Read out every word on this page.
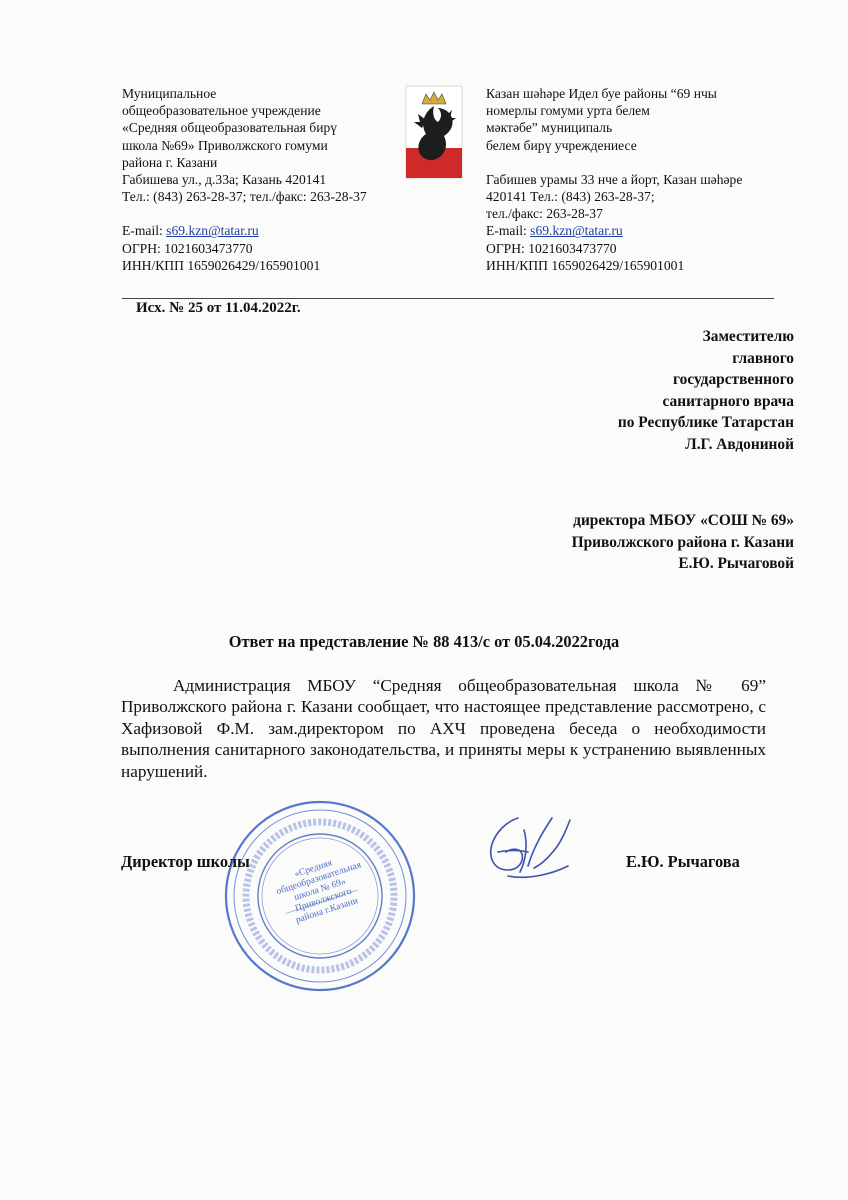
Муниципальное
общеобразовательное учреждение
«Средняя общеобразовательная бирү
школа №69» Приволжского гомуми
района г. Казани
Габишева ул., д.33а; Казань 420141
Тел.: (843) 263-28-37; тел./факс: 263-28-37
E-mail: s69.kzn@tatar.ru
ОГРН: 1021603473770
ИНН/КПП 1659026429/165901001
Казан шәһәре Идел буе районы “69 нчы
номерлы гомуми урта белем
мәктәбе” муниципаль
белем бирү учреждениесе
Габишев урамы 33 нче а йорт, Казан шәһәре
420141 Тел.: (843) 263-28-37;
тел./факс: 263-28-37
E-mail: s69.kzn@tatar.ru
ОГРН: 1021603473770
ИНН/КПП 1659026429/165901001
Исх. № 25 от 11.04.2022г.
Заместителю
главного
государственного
санитарного врача
по Республике Татарстан
Л.Г. Авдониной
директора МБОУ «СОШ № 69»
Приволжского района г. Казани
Е.Ю. Рычаговой
Ответ на представление № 88 413/с от 05.04.2022года
Администрация МБОУ “Средняя общеобразовательная школа № 69” Приволжского района г. Казани сообщает, что настоящее представление рассмотрено, с Хафизовой Ф.М. зам.директором по АХЧ проведена беседа о необходимости выполнения санитарного законодательства, и приняты меры к устранению выявленных нарушений.
«Средняя общеобразовательная школа № 69» Приволжского района г.Казани
Директор школы	Е.Ю. Рычагова
